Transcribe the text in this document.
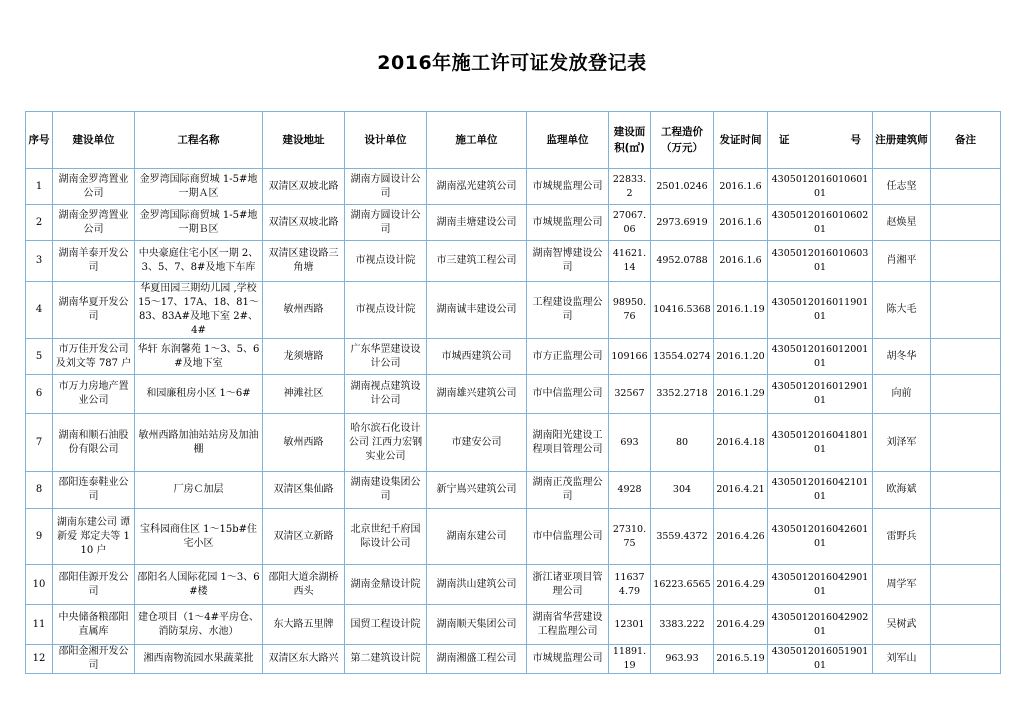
2016年施工许可证发放登记表
序号	建设单位	工程名称	建设地址	设计单位	施工单位	监理单位	建设面积(㎡)	工程造价（万元）	发证时间	证 号	注册建筑师	备注
1	湖南金罗湾置业公司	金罗湾国际商贸城 1-5#地一期Ａ区	双清区双坡北路	湖南方圆设计公司	湖南泓光建筑公司	市城规监理公司	22833.2	2501.0246	2016.1.6	430501201601060101	任志坚	
2	湖南金罗湾置业公司	金罗湾国际商贸城 1-5#地一期Ｂ区	双清区双坡北路	湖南方圆设计公司	湖南圭塘建设公司	市城规监理公司	27067.06	2973.6919	2016.1.6	430501201601060201	赵焕星	
3	湖南羊泰开发公司	中央豪庭住宅小区一期 2、3、5、7、8#及地下车库	双清区建设路三角塘	市视点设计院	市三建筑工程公司	湖南智博建设公司	41621.14	4952.0788	2016.1.6	430501201601060301	肖湘平	
4	湖南华夏开发公司	华夏田园三期幼儿园 ,学校 15～17、17A、18、81～83、83A#及地下室 2#、4#	敏州西路	市视点设计院	湖南诚丰建设公司	工程建设监理公司	98950.76	10416.5368	2016.1.19	430501201601190101	陈大毛	
5	市万佳开发公司及刘文等 787 户	华轩 东润馨苑 1～3、5、6#及地下室	龙须塘路	广东华罡建设设计公司	市城西建筑公司	市方正监理公司	109166	13554.0274	2016.1.20	430501201601200101	胡冬华	
6	市万力房地产置业公司	和园廉租房小区 1～6#	神滩社区	湖南视点建筑设计公司	湖南雄兴建筑公司	市中信监理公司	32567	3352.2718	2016.1.29	430501201601290101	向前	
7	湖南和顺石油股份有限公司	敏州西路加油站站房及加油棚	敏州西路	哈尔滨石化设计公司 江西力宏钢实业公司	市建安公司	湖南阳光建设工程项目管理公司	693	80	2016.4.18	430501201604180101	刘泽军	
8	邵阳连泰鞋业公司	厂房Ｃ加层	双清区集仙路	湖南建设集团公司	新宁嶌兴建筑公司	湖南正茂监理公司	4928	304	2016.4.21	430501201604210101	欧海斌	
9	湖南东建公司 谭新爱 郑定夫等 110 户	宝科园商住区 1～15b#住宅小区	双清区立新路	北京世纪千府国际设计公司	湖南东建公司	市中信监理公司	27310.75	3559.4372	2016.4.26	430501201604260101	雷野兵	
10	邵阳佳源开发公司	邵阳名人国际花园 1～3、6#楼	邵阳大道余湖桥西头	湖南金鼎设计院	湖南洪山建筑公司	浙江诸亚项目管理公司	116374.79	16223.6565	2016.4.29	430501201604290101	周学军	
11	中央储备粮邵阳直属库	建仓项目（1～4#平房仓、消防泵房、水池）	东大路五里牌	国贸工程设计院	湖南顺天集团公司	湖南省华营建设工程监理公司	12301	3383.222	2016.4.29	430501201604290201	吴树武	
12	邵阳金湘开发公司	湘西南物流园水果蔬菜批	双清区东大路兴	第二建筑设计院	湖南湘盛工程公司	市城规监理公司	11891.19	963.93	2016.5.19	430501201605190101	刘军山	
